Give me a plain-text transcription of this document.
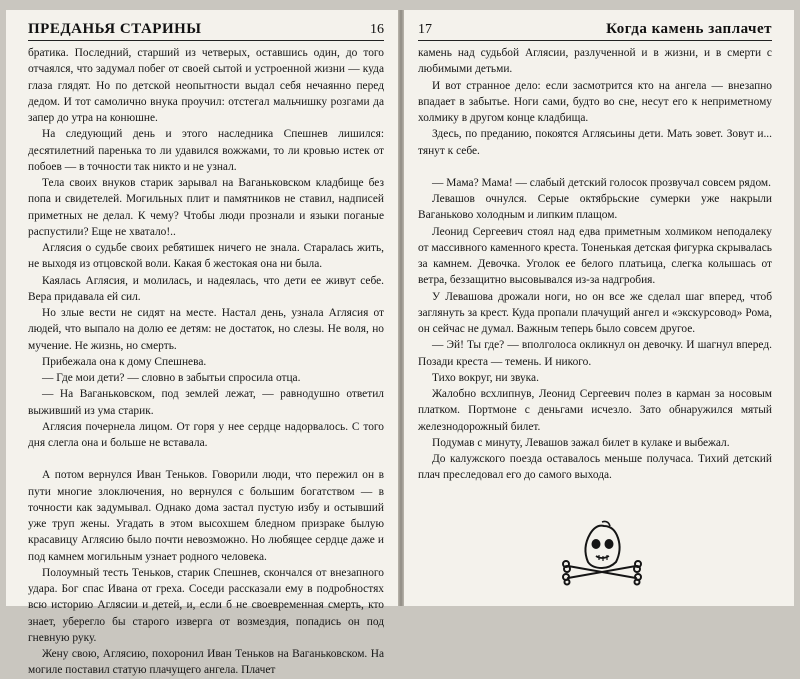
ПРЕДАНЬЯ СТАРИНЫ	16

братика. Последний, старший из четверых, оставшись один, до того отчаялся, что задумал побег от своей сытой и устроенной жизни — куда глаза глядят. Но по детской неопытности выдал себя нечаянно перед дедом. И тот самолично внука проучил: отстегал мальчишку розгами да запер до утра на конюшне.

На следующий день и этого наследника Спешнев лишился: десятилетний паренька то ли удавился вожжами, то ли кровью истек от побоев — в точности так никто и не узнал.

Тела своих внуков старик зарывал на Ваганьковском кладбище без попа и свидетелей. Могильных плит и памятников не ставил, надписей приметных не делал. К чему? Чтобы люди прознали и языки поганые распустили? Еще не хватало!..

Аглясия о судьбе своих ребятишек ничего не знала. Старалась жить, не выходя из отцовской воли. Какая б жестокая она ни была.

Каялась Аглясия, и молилась, и надеялась, что дети ее живут себе. Вера придавала ей сил.

Но злые вести не сидят на месте. Настал день, узнала Аглясия от людей, что выпало на долю ее детям: не достаток, но слезы. Не воля, но мучение. Не жизнь, но смерть.

Прибежала она к дому Спешнева.

— Где мои дети? — словно в забытьи спросила отца.

— На Ваганьковском, под землей лежат, — равнодушно ответил выживший из ума старик.

Аглясия почернела лицом. От горя у нее сердце надорвалось. С того дня слегла она и больше не вставала.

А потом вернулся Иван Теньков. Говорили люди, что пережил он в пути многие злоключения, но вернулся с большим богатством — в точности как задумывал. Однако дома застал пустую избу и остывший уже труп жены. Угадать в этом высохшем бледном призраке былую красавицу Аглясию было почти невозможно. Но любящее сердце даже и под камнем могильным узнает родного человека.

Полоумный тесть Теньков, старик Спешнев, скончался от внезапного удара. Бог спас Ивана от греха. Соседи рассказали ему в подробностях всю историю Аглясии и детей, и, если б не своевременная смерть, кто знает, уберегло бы старого изверга от возмездия, попадись он под гневную руку.

Жену свою, Аглясию, похоронил Иван Теньков на Ваганьковском. На могиле поставил статую плачущего ангела. Плачет

17	Когда камень заплачет

камень над судьбой Аглясии, разлученной и в жизни, и в смерти с любимыми детьми.

И вот странное дело: если засмотрится кто на ангела — внезапно впадает в забытье. Ноги сами, будто во сне, несут его к неприметному холмику в другом конце кладбища.

Здесь, по преданию, покоятся Аглясьины дети. Мать зовет. Зовут и... тянут к себе.

— Мама? Мама! — слабый детский голосок прозвучал совсем рядом.

Левашов очнулся. Серые октябрьские сумерки уже накрыли Ваганьково холодным и липким плащом.

Леонид Сергеевич стоял над едва приметным холмиком неподалеку от массивного каменного креста. Тоненькая детская фигурка скрывалась за камнем. Девочка. Уголок ее белого платьица, слегка колышась от ветра, беззащитно высовывался из-за надгробия.

У Левашова дрожали ноги, но он все же сделал шаг вперед, чтоб заглянуть за крест. Куда пропали плачущий ангел и «экскурсовод» Рома, он сейчас не думал. Важным теперь было совсем другое.

— Эй! Ты где? — вполголоса окликнул он девочку. И шагнул вперед. Позади креста — темень. И никого.

Тихо вокруг, ни звука.

Жалобно всхлипнув, Леонид Сергеевич полез в карман за носовым платком. Портмоне с деньгами исчезло. Зато обнаружился мятый железнодорожный билет.

Подумав с минуту, Левашов зажал билет в кулаке и выбежал.

До калужского поезда оставалось меньше получаса. Тихий детский плач преследовал его до самого выхода.
